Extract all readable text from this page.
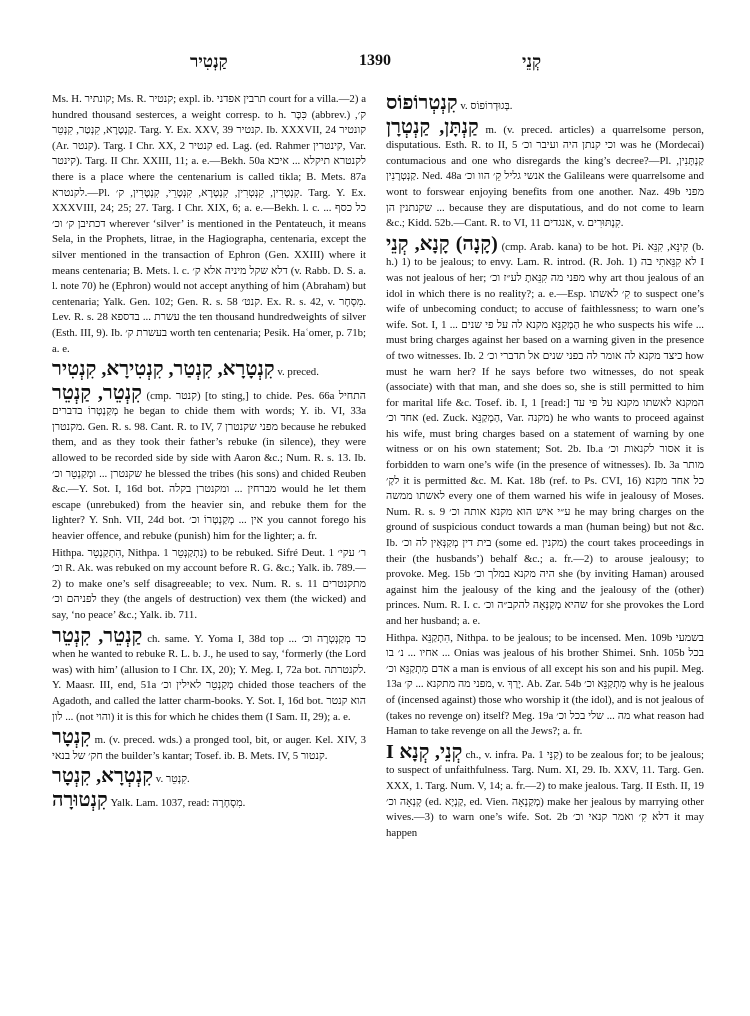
קַנְטִיר	1390	קְנֵי

Ms. H. קונתיר; Ms. R. קנטיר; expl. ib. תרבין אפדני court for a villa.—2) a hundred thousand sesterces, a weight corresp. to h. כִּכָּר (abbrev.) ק׳, קַנְטָרָא, קִנְטַר, קִנְטֵר. Targ. Y. Ex. XXV, 39 קנטיר. Ib. XXXVII, 24 קונטיר (Ar. קנטר). Targ. I Chr. XX, 2 קנטיר ed. Lag. (ed. Rahmer קינטרין, Var. קינטר). Targ. II Chr. XXIII, 11; a. e.—Bekh. 50a לקנטרא תיקלא ... איכא there is a place where the centenarium is called tikla; B. Mets. 87a לקנטרא.—Pl. קִנְטְרִין, קִנְטְרִין, קִנְטְרָא, קִנְטָרֵי, קִנְטָרִין, ק׳. Targ. Y. Ex. XXXVIII, 24; 25; 27. Targ. I Chr. XIX, 6; a. e.—Bekh. l. c. כל כסף ... דכתיבן ק׳ וכ׳ wherever ‘silver’ is mentioned in the Pentateuch, it means Sela, in the Prophets, litrae, in the Hagiographa, centenaria, except the silver mentioned in the transaction of Ephron (Gen. XXIII) where it means centenaria; B. Mets. l. c. דלא שקל מיניה אלא ק׳ (v. Rabb. D. S. a. l. note 70) he (Ephron) would not accept anything of him (Abraham) but centenaria; Yalk. Gen. 102; Gen. R. s. 58 קנט׳. Ex. R. s. 42, v. מִסְחָר. Lev. R. s. 28 עשרת ... בדספא the ten thousand hundredweights of silver (Esth. III, 9). Ib. בעשרת ק׳ worth ten centenaria; Pesik. Haʿomer, p. 71b; a. e.

קִנְטָרָא, קִנְטַר, קִנְטִירָא, קִנְטִיר v. preced.

קִנְטֵר, קַנְטֵר (cmp. קנטר) [to sting,] to chide. Pes. 66a התחיל מְקַנְטְרוֹ בדברים he began to chide them with words; Y. ib. VI, 33a מקנטרן. Gen. R. s. 98. Cant. R. to IV, 7 מפני שקנטרן because he rebuked them, and as they took their father’s rebuke (in silence), they were allowed to be recorded side by side with Aaron &c.; Num. R. s. 13. Ib. שקנטרן ... ומְקַנְטֵר וכ׳ he blessed the tribes (his sons) and chided Reuben &c.—Y. Sot. I, 16d bot. מברחין ... ומקנטרן בקלה would he let them escape (unrebuked) from the heavier sin, and rebuke them for the lighter? Y. Snh. VII, 24d bot. אין ... מְקַנְטְרוֹ וכ׳ you cannot forego his heavier offence, and rebuke (punish) him for the lighter; a. fr.

Hithpa. הִתְקַנְטֵר, Nithpa. נִתְקַנְטֵר 1) to be rebuked. Sifré Deut. 1 ר׳ עקי׳ וכ׳ R. Ak. was rebuked on my account before R. G. &c.; Yalk. ib. 789.—2) to make one’s self disagreeable; to vex. Num. R. s. 11 מתקנטרים לפניהם וכ׳ they (the angels of destruction) vex them (the wicked) and say, ‘no peace’ &c.; Yalk. ib. 711.

קַנְטֵר, קִנְטֵר ch. same. Y. Yoma I, 38d top ... כד מְקַנְטְרָה וכ׳ when he wanted to rebuke R. L. b. J., he used to say, ‘formerly (the Lord was) with him’ (allusion to I Chr. IX, 20); Y. Meg. I, 72a bot. לקנטרתה. Y. Maasr. III, end, 51a מְקַנְטֵר לאילין וכ׳ chided those teachers of the Agadoth, and called the latter charm-books. Y. Sot. I, 16d bot. הוא קנטר ... לון (not והוי) it is this for which he chides them (I Sam. II, 29); a. e.

קִנְטָר m. (v. preced. wds.) a pronged tool, bit, or auger. Kel. XIV, 3 חק׳ של בנאי the builder’s kantar; Tosef. ib. B. Mets. IV, 5 קנטור.

קִנְטְרָא, קִנְטָר v. קִנְטֵר.

קִנְטוּרָה Yalk. Lam. 1037, read: מִסְחָרָה.

קִנְטְרוֹפוֹס v. בְּגוּדְרוֹפוֹס.

קַנְתָּן, קַנְטְרָן m. (v. preced. articles) a quarrelsome person, disputatious. Esth. R. to II, 5 וכי קנתן היה ועיבר וכ׳ was he (Mordecai) contumacious and one who disregards the king’s decree?—Pl. קַנְתָּנִין, קַנְטְרָנִין. Ned. 48a אנשי גליל קֵ׳ הוו וכ׳ the Galileans were quarrelsome and wont to forswear enjoying benefits from one another. Naz. 49b מפני שקנתנין הן ... because they are disputatious, and do not come to learn &c.; Kidd. 52b.—Cant. R. to VI, 11 אנגדים, v. קִנְתּוּרִים.

(קָנָה) קָנָא, קְנֵי (cmp. Arab. kana) to be hot. Pi. קִינֵּא, קִנֵּא (b. h.) 1) to be jealous; to envy. Lam. R. introd. (R. Joh. 1) לא קִנֵּאתִי בה I was not jealous of her; מפני מה קִנֵּאתָ לע״ז וכ׳ why art thou jealous of an idol in which there is no reality?; a. e.—Esp. קִ׳ לאשתו to suspect one’s wife of unbecoming conduct; to accuse of faithlessness; to warn one’s wife. Sot. I, 1 ... הַמְקַנֵּא מקנא לה על פי שנים he who suspects his wife ... must bring charges against her based on a warning given in the presence of two witnesses. Ib. 2 כיצד מקנא לה אומר לה בפני שנים אל תדברי וכ׳ how must he warn her? If he says before two witnesses, do not speak (associate) with that man, and she does so, she is still permitted to him for marital life &c. Tosef. ib. I, 1 [read:] המקנא לאשתו מקנא על פי עד אחד וכ׳ (ed. Zuck. הַמְקַנֵּא, Var. מקנה) he who wants to proceed against his wife, must bring charges based on a statement of warning by one witness or on his own statement; Sot. 2b. Ib.a אסור לקנאות וכ׳ it is forbidden to warn one’s wife (in the presence of witnesses). Ib. 3a מותר לקַ׳ it is permitted &c. M. Kat. 18b (ref. to Ps. CVI, 16) כל אחד מקנא לאשתו ממשה every one of them warned his wife in jealousy of Moses. Num. R. s. 9 ע״י איש הוא מקנא אותה וכ׳ he may bring charges on the ground of suspicious conduct towards a man (human being) but not &c. Ib. בית דין מְקַנְּאִין לה וכ׳ (some ed. מקנין) the court takes proceedings in their (the husbands’) behalf &c.; a. fr.—2) to arouse jealousy; to provoke. Meg. 15b היה מקנא במלך וכ׳ she (by inviting Haman) aroused against him the jealousy of the king and the jealousy of the (other) princes. Num. R. I. c. שהיא מְקַנְּאָה להקב״ה וכ׳ for she provokes the Lord and her husband; a. e.

Hithpa. הִתְקַנֵּא, Nithpa. to be jealous; to be incensed. Men. 109b בשמעי אחיו ... נ׳ בו ... Onias was jealous of his brother Shimei. Snh. 105b בכל אדם מִתְקַנֵּא וכ׳ a man is envious of all except his son and his pupil. Meg. 13a מפני מה מתקנא ... ק׳, v. יָרַךְ. Ab. Zar. 54b מִתְקַנֵּא וכ׳ why is he jealous of (incensed against) those who worship it (the idol), and is not jealous of (takes no revenge on) itself? Meg. 19a מה ... שלי בכל וכ׳ what reason had Haman to take revenge on all the Jews?; a. fr.

קְנֵי, קְנָא I ch., v. infra. Pa. קַנֵּי 1) to be zealous for; to be jealous; to suspect of unfaithfulness. Targ. Num. XI, 29. Ib. XXV, 11. Targ. Gen. XXX, 1. Targ. Num. V, 14; a. fr.—2) to make jealous. Targ. II Esth. II, 19 קְנְאָה וכ׳ (ed. קַנְיָא, ed. Vien. מְקַנְאָה) make her jealous by marrying other wives.—3) to warn one’s wife. Sot. 2b דלא קִ׳ ואמר קנאי וכ׳ it may happen
